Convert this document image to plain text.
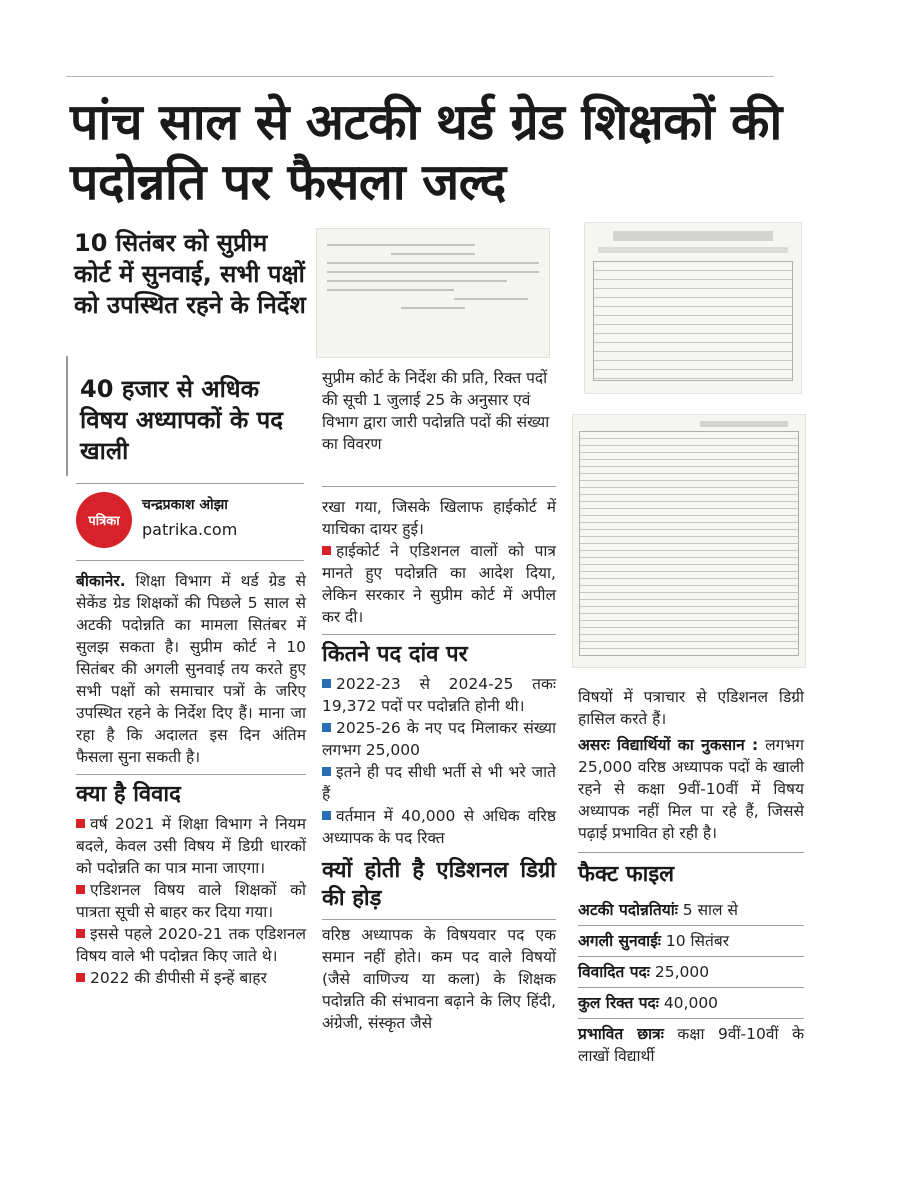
पांच साल से अटकी थर्ड ग्रेड शिक्षकों की पदोन्नति पर फैसला जल्द
10 सितंबर को सुप्रीम कोर्ट में सुनवाई, सभी पक्षों को उपस्थित रहने के निर्देश
40 हजार से अधिक विषय अध्यापकों के पद खाली
पत्रिका
चन्द्रप्रकाश ओझा
patrika.com

बीकानेर. शिक्षा विभाग में थर्ड ग्रेड से सेकेंड ग्रेड शिक्षकों की पिछले 5 साल से अटकी पदोन्नति का मामला सितंबर में सुलझ सकता है। सुप्रीम कोर्ट ने 10 सितंबर की अगली सुनवाई तय करते हुए सभी पक्षों को समाचार पत्रों के जरिए उपस्थित रहने के निर्देश दिए हैं। माना जा रहा है कि अदालत इस दिन अंतिम फैसला सुना सकती है।

क्या है विवाद

वर्ष 2021 में शिक्षा विभाग ने नियम बदले, केवल उसी विषय में डिग्री धारकों को पदोन्नति का पात्र माना जाएगा।

एडिशनल विषय वाले शिक्षकों को पात्रता सूची से बाहर कर दिया गया।

इससे पहले 2020-21 तक एडिशनल विषय वाले भी पदोन्नत किए जाते थे।

2022 की डीपीसी में इन्हें बाहर

सुप्रीम कोर्ट के निर्देश की प्रति, रिक्त पदों की सूची 1 जुलाई 25 के अनुसार एवं विभाग द्वारा जारी पदोन्नति पदों की संख्या का विवरण

रखा गया, जिसके खिलाफ हाईकोर्ट में याचिका दायर हुई।

हाईकोर्ट ने एडिशनल वालों को पात्र मानते हुए पदोन्नति का आदेश दिया, लेकिन सरकार ने सुप्रीम कोर्ट में अपील कर दी।

कितने पद दांव पर

2022-23 से 2024-25 तकः 19,372 पदों पर पदोन्नति होनी थी।

2025-26 के नए पद मिलाकर संख्या लगभग 25,000

इतने ही पद सीधी भर्ती से भी भरे जाते हैं

वर्तमान में 40,000 से अधिक वरिष्ठ अध्यापक के पद रिक्त

क्यों होती है एडिशनल डिग्री की होड़

वरिष्ठ अध्यापक के विषयवार पद एक समान नहीं होते। कम पद वाले विषयों (जैसे वाणिज्य या कला) के शिक्षक पदोन्नति की संभावना बढ़ाने के लिए हिंदी, अंग्रेजी, संस्कृत जैसे

विषयों में पत्राचार से एडिशनल डिग्री हासिल करते हैं।

असरः विद्यार्थियों का नुकसान : लगभग 25,000 वरिष्ठ अध्यापक पदों के खाली रहने से कक्षा 9वीं-10वीं में विषय अध्यापक नहीं मिल पा रहे हैं, जिससे पढ़ाई प्रभावित हो रही है।

फैक्ट फाइल
अटकी पदोन्नतियांः 5 साल से
अगली सुनवाईः 10 सितंबर
विवादित पदः 25,000
कुल रिक्त पदः 40,000
प्रभावित छात्रः कक्षा 9वीं-10वीं के लाखों विद्यार्थी
